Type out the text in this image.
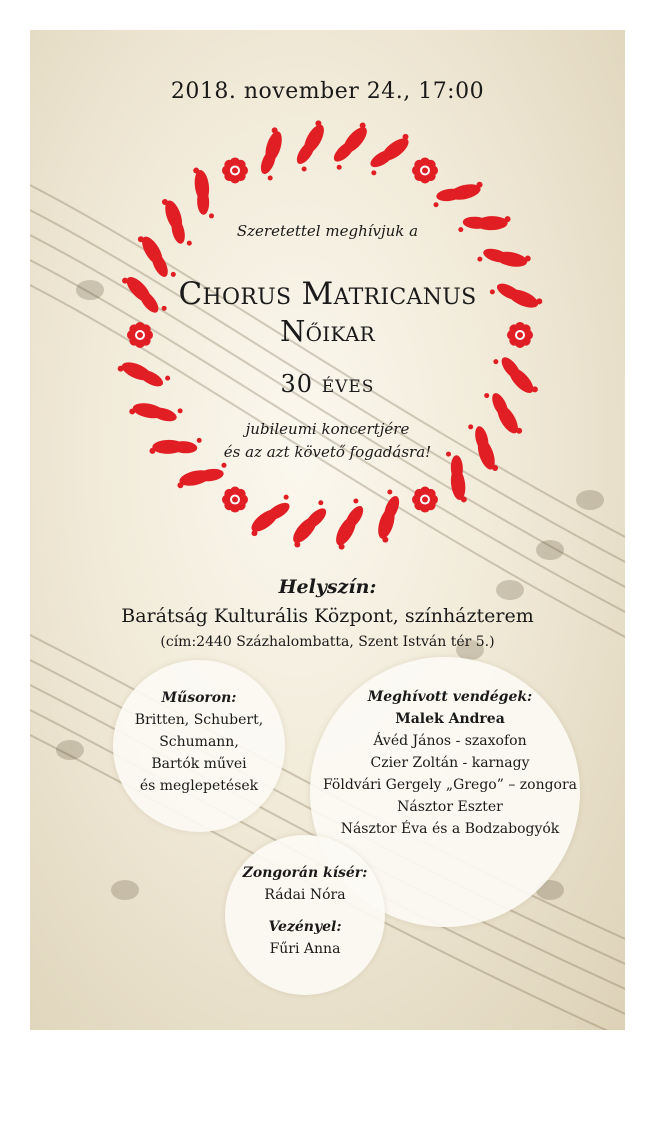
2018. november 24., 17:00
Szeretettel meghívjuk a
Chorus Matricanus
Nőikar
30 éves
jubileumi koncertjére
és az azt követő fogadásra!
Helyszín:
Barátság Kulturális Központ, színházterem
(cím:2440 Százhalombatta, Szent István tér 5.)
Műsoron:
Britten, Schubert,
Schumann,
Bartók művei
és meglepetések
Meghívott vendégek:
Malek Andrea
Ávéd János - szaxofon
Czier Zoltán - karnagy
Földvári Gergely „Grego” – zongora
Násztor Eszter
Násztor Éva és a Bodzabogyók
Zongorán kísér:
Rádai Nóra
Vezényel:
Fűri Anna
